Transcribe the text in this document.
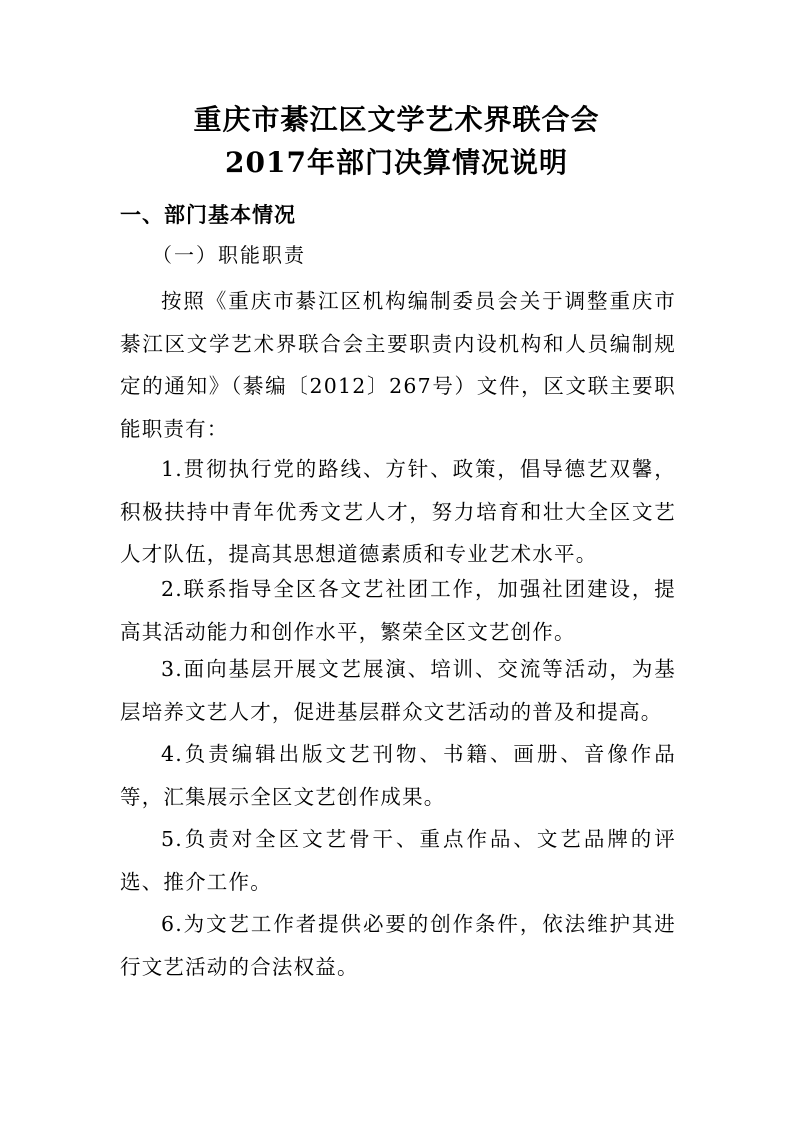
重庆市綦江区文学艺术界联合会
2017年部门决算情况说明
一、部门基本情况
（一）职能职责

按照《重庆市綦江区机构编制委员会关于调整重庆市綦江区文学艺术界联合会主要职责内设机构和人员编制规定的通知》（綦编〔2012〕267号）文件，区文联主要职能职责有：

1.贯彻执行党的路线、方针、政策，倡导德艺双馨，积极扶持中青年优秀文艺人才，努力培育和壮大全区文艺人才队伍，提高其思想道德素质和专业艺术水平。

2.联系指导全区各文艺社团工作，加强社团建设，提高其活动能力和创作水平，繁荣全区文艺创作。

3.面向基层开展文艺展演、培训、交流等活动，为基层培养文艺人才，促进基层群众文艺活动的普及和提高。

4.负责编辑出版文艺刊物、书籍、画册、音像作品等，汇集展示全区文艺创作成果。

5.负责对全区文艺骨干、重点作品、文艺品牌的评选、推介工作。

6.为文艺工作者提供必要的创作条件，依法维护其进行文艺活动的合法权益。
